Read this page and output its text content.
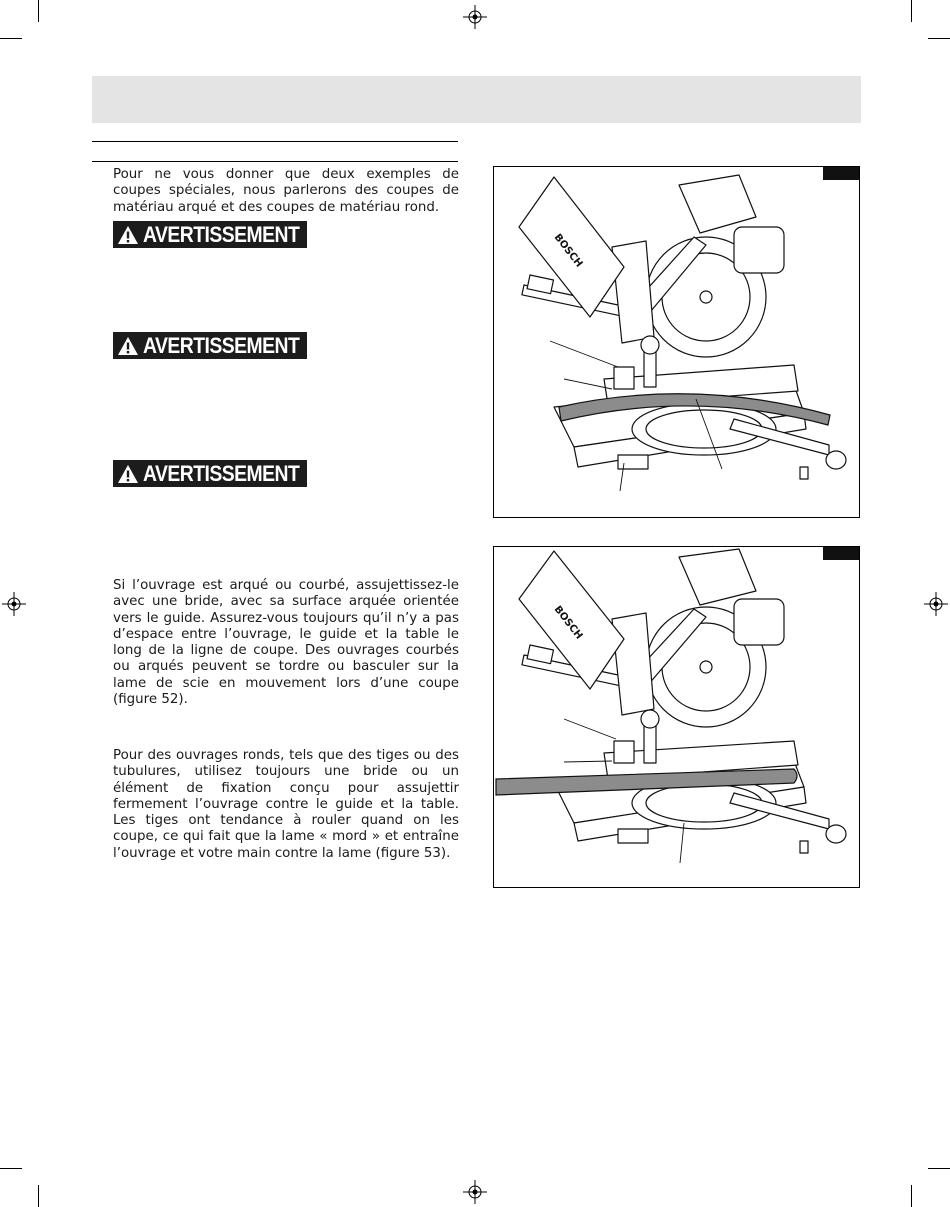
Pour ne vous donner que deux exemples de coupes spéciales, nous parlerons des coupes de matériau arqué et des coupes de matériau rond.

AVERTISSEMENT
AVERTISSEMENT
AVERTISSEMENT

Si l’ouvrage est arqué ou courbé, assujettissez-le avec une bride, avec sa surface arquée orientée vers le guide. Assurez-vous toujours qu’il n’y a pas d’espace entre l’ouvrage, le guide et la table le long de la ligne de coupe. Des ouvrages courbés ou arqués peuvent se tordre ou basculer sur la lame de scie en mouvement lors d’une coupe (figure 52).

Pour des ouvrages ronds, tels que des tiges ou des tubulures, utilisez toujours une bride ou un élément de fixation conçu pour assujettir fermement l’ouvrage contre le guide et la table. Les tiges ont tendance à rouler quand on les coupe, ce qui fait que la lame « mord » et entraîne l’ouvrage et votre main contre la lame (figure 53).

BOSCH
BOSCH
